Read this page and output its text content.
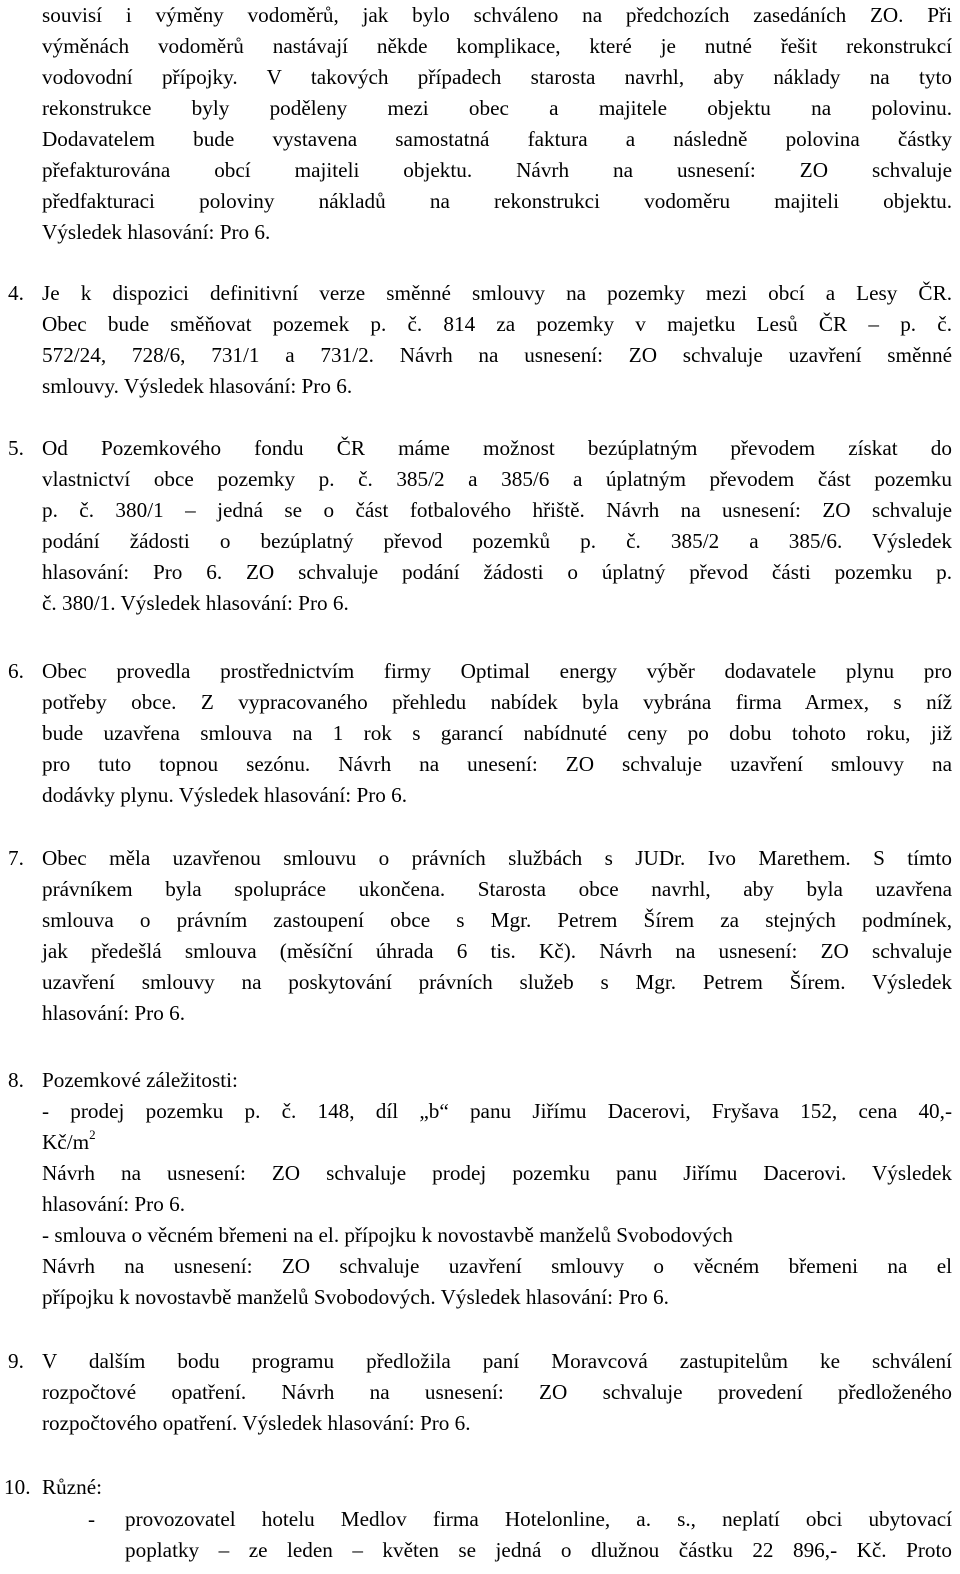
souvisí i výměny vodoměrů, jak bylo schváleno na předchozích zasedáních ZO. Při
výměnách vodoměrů nastávají někde komplikace, které je nutné řešit rekonstrukcí
vodovodní přípojky. V takových případech starosta navrhl, aby náklady na tyto
rekonstrukce byly poděleny mezi obec a majitele objektu na polovinu.
Dodavatelem bude vystavena samostatná faktura a následně polovina částky
přefakturována obcí majiteli objektu. Návrh na usnesení: ZO schvaluje
předfakturaci poloviny nákladů na rekonstrukci vodoměru majiteli objektu.
Výsledek hlasování: Pro 6.
4. Je k dispozici definitivní verze směnné smlouvy na pozemky mezi obcí a Lesy ČR.
Obec bude směňovat pozemek p. č. 814 za pozemky v majetku Lesů ČR – p. č.
572/24, 728/6, 731/1 a 731/2. Návrh na usnesení: ZO schvaluje uzavření směnné
smlouvy. Výsledek hlasování: Pro 6.
5. Od Pozemkového fondu ČR máme možnost bezúplatným převodem získat do
vlastnictví obce pozemky p. č. 385/2 a 385/6 a úplatným převodem část pozemku
p. č. 380/1 – jedná se o část fotbalového hřiště. Návrh na usnesení: ZO schvaluje
podání žádosti o bezúplatný převod pozemků p. č. 385/2 a 385/6. Výsledek
hlasování: Pro 6. ZO schvaluje podání žádosti o úplatný převod části pozemku p.
č. 380/1. Výsledek hlasování: Pro 6.
6. Obec provedla prostřednictvím firmy Optimal energy výběr dodavatele plynu pro
potřeby obce. Z vypracovaného přehledu nabídek byla vybrána firma Armex, s níž
bude uzavřena smlouva na 1 rok s garancí nabídnuté ceny po dobu tohoto roku, již
pro tuto topnou sezónu. Návrh na unesení: ZO schvaluje uzavření smlouvy na
dodávky plynu. Výsledek hlasování: Pro 6.
7. Obec měla uzavřenou smlouvu o právních službách s JUDr. Ivo Marethem. S tímto
právníkem byla spolupráce ukončena. Starosta obce navrhl, aby byla uzavřena
smlouva o právním zastoupení obce s Mgr. Petrem Šírem za stejných podmínek,
jak předešlá smlouva (měsíční úhrada 6 tis. Kč). Návrh na usnesení: ZO schvaluje
uzavření smlouvy na poskytování právních služeb s Mgr. Petrem Šírem. Výsledek
hlasování: Pro 6.
8. Pozemkové záležitosti:
- prodej pozemku p. č. 148, díl „b“ panu Jiřímu Dacerovi, Fryšava 152, cena 40,-
$Kč/m^2$
Návrh na usnesení: ZO schvaluje prodej pozemku panu Jiřímu Dacerovi. Výsledek
hlasování: Pro 6.
- smlouva o věcném břemeni na el. přípojku k novostavbě manželů Svobodových
Návrh na usnesení: ZO schvaluje uzavření smlouvy o věcném břemeni na el
přípojku k novostavbě manželů Svobodových. Výsledek hlasování: Pro 6.
9. V dalším bodu programu předložila paní Moravcová zastupitelům ke schválení
rozpočtové opatření. Návrh na usnesení: ZO schvaluje provedení předloženého
rozpočtového opatření. Výsledek hlasování: Pro 6.
10. Různé:
- provozovatel hotelu Medlov firma Hotelonline, a. s., neplatí obci ubytovací
poplatky – ze leden – květen se jedná o dlužnou částku 22 896,- Kč. Proto
